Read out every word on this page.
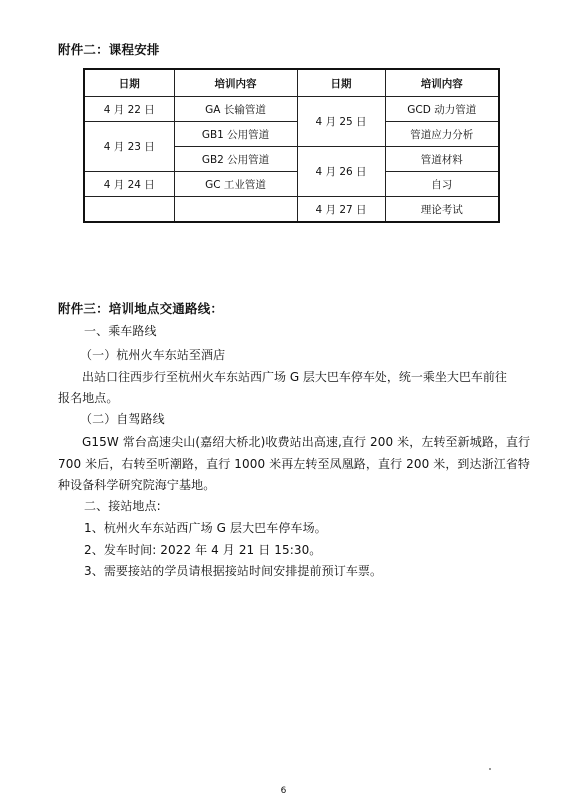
附件二：课程安排
日期	培训内容	日期	培训内容
4 月 22 日	GA 长输管道	4 月 25 日	GCD 动力管道
4 月 23 日	GB1 公用管道		管道应力分析
	GB2 公用管道	4 月 26 日	管道材料
4 月 24 日	GC 工业管道		自习
		4 月 27 日	理论考试
附件三：培训地点交通路线：
一、乘车路线
（一）杭州火车东站至酒店
出站口往西步行至杭州火车东站西广场 G 层大巴车停车处，统一乘坐大巴车前往
报名地点。
（二）自驾路线
G15W 常台高速尖山(嘉绍大桥北)收费站出高速,直行 200 米，左转至新城路，直行
700 米后，右转至听潮路，直行 1000 米再左转至凤凰路，直行 200 米，到达浙江省特
种设备科学研究院海宁基地。
二、接站地点:
1、杭州火车东站西广场 G 层大巴车停车场。
2、发车时间: 2022 年 4 月 21 日 15:30。
3、需要接站的学员请根据接站时间安排提前预订车票。
6
